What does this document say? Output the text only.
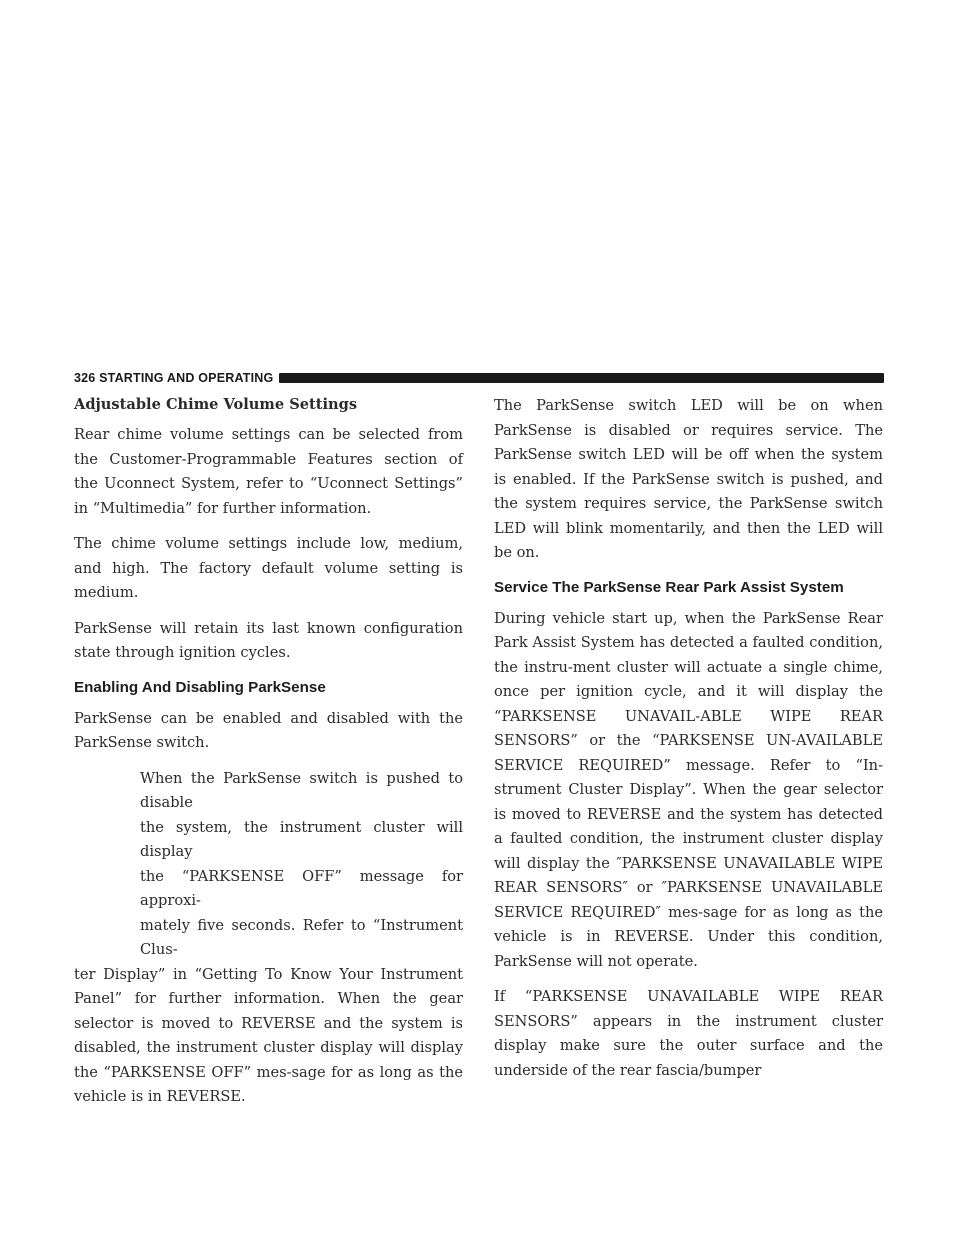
326 STARTING AND OPERATING
Adjustable Chime Volume Settings

Rear chime volume settings can be selected from the Customer-Programmable Features section of the Uconnect System, refer to “Uconnect Settings” in “Multimedia” for further information.

The chime volume settings include low, medium, and high. The factory default volume setting is medium.

ParkSense will retain its last known configuration state through ignition cycles.

Enabling And Disabling ParkSense

ParkSense can be enabled and disabled with the ParkSense switch.

When the ParkSense switch is pushed to disable
the system, the instrument cluster will display
the “PARKSENSE OFF” message for approxi-
mately five seconds. Refer to “Instrument Clus-

ter Display” in “Getting To Know Your Instrument Panel” for further information. When the gear selector is moved to REVERSE and the system is disabled, the instrument cluster display will display the “PARKSENSE OFF” mes-sage for as long as the vehicle is in REVERSE.

The ParkSense switch LED will be on when ParkSense is disabled or requires service. The ParkSense switch LED will be off when the system is enabled. If the ParkSense switch is pushed, and the system requires service, the ParkSense switch LED will blink momentarily, and then the LED will be on.

Service The ParkSense Rear Park Assist System

During vehicle start up, when the ParkSense Rear Park Assist System has detected a faulted condition, the instru-ment cluster will actuate a single chime, once per ignition cycle, and it will display the “PARKSENSE UNAVAIL-ABLE WIPE REAR SENSORS” or the “PARKSENSE UN-AVAILABLE SERVICE REQUIRED” message. Refer to “In-strument Cluster Display”. When the gear selector is moved to REVERSE and the system has detected a faulted condition, the instrument cluster display will display the ″PARKSENSE UNAVAILABLE WIPE REAR SENSORS″ or ″PARKSENSE UNAVAILABLE SERVICE REQUIRED″ mes-sage for as long as the vehicle is in REVERSE. Under this condition, ParkSense will not operate.

If “PARKSENSE UNAVAILABLE WIPE REAR SENSORS” appears in the instrument cluster display make sure the outer surface and the underside of the rear fascia/bumper
